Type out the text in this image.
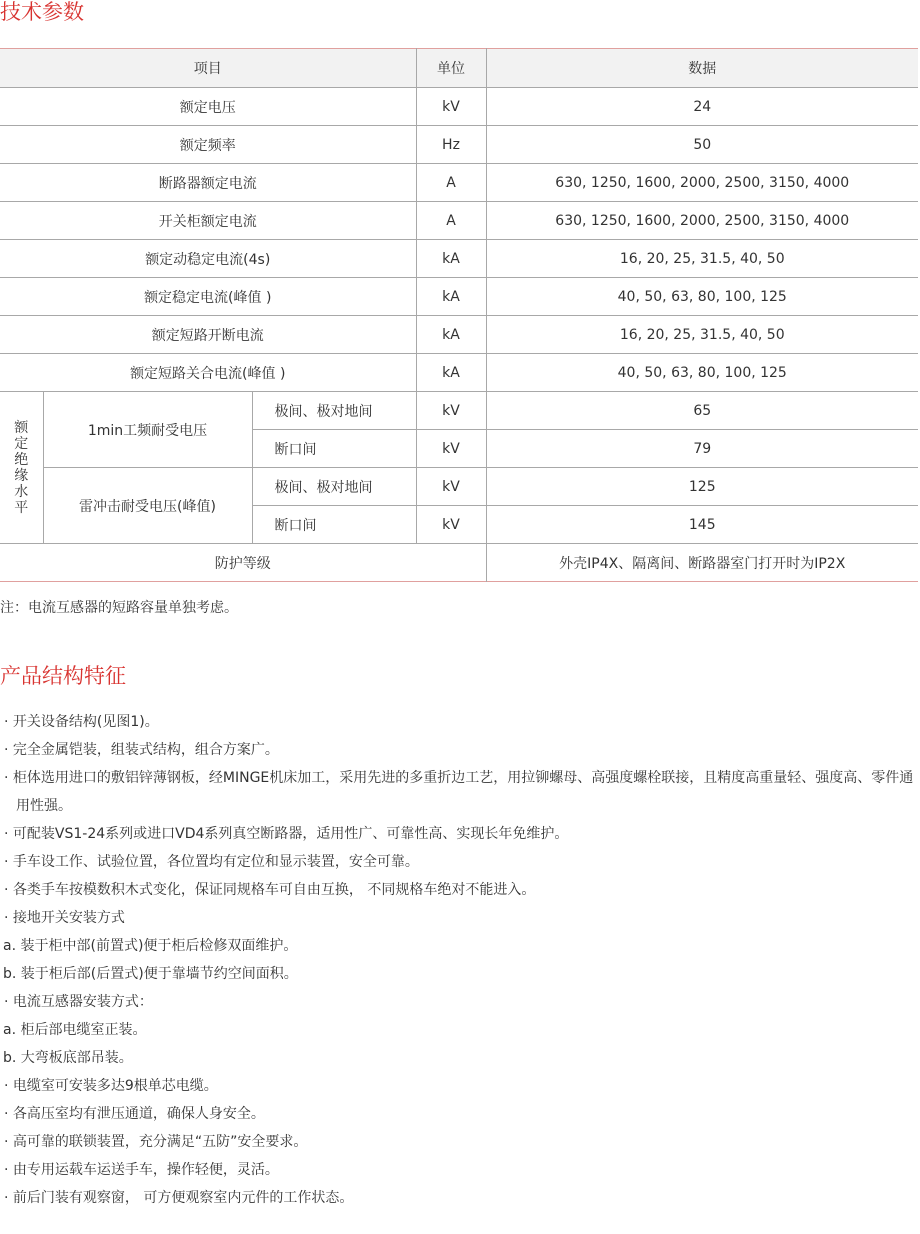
技术参数
项目			单位	数据
额定电压			kV	24
额定频率			Hz	50
断路器额定电流			A	630, 1250, 1600, 2000, 2500, 3150, 4000
开关柜额定电流			A	630, 1250, 1600, 2000, 2500, 3150, 4000
额定动稳定电流(4s)			kA	16, 20, 25, 31.5, 40, 50
额定稳定电流(峰值 )			kA	40, 50, 63, 80, 100, 125
额定短路开断电流			kA	16, 20, 25, 31.5, 40, 50
额定短路关合电流(峰值 )			kA	40, 50, 63, 80, 100, 125
额定绝缘水平	1min工频耐受电压	极间、极对地间	kV	65
		断口间	kV	79
	雷冲击耐受电压(峰值)	极间、极对地间	kV	125
		断口间	kV	145
防护等级				外壳IP4X、隔离间、断路器室门打开时为IP2X

注：电流互感器的短路容量单独考虑。

产品结构特征
· 开关设备结构(见图1)。
· 完全金属铠装，组装式结构，组合方案广。
· 柜体选用进口的敷铝锌薄钢板，经MINGE机床加工，采用先进的多重折边工艺，用拉铆螺母、高强度螺栓联接，且精度高重量轻、强度高、零件通用性强。
· 可配装VS1-24系列或进口VD4系列真空断路器，适用性广、可靠性高、实现长年免维护。
· 手车设工作、试验位置，各位置均有定位和显示装置，安全可靠。
· 各类手车按模数积木式变化，保证同规格车可自由互换， 不同规格车绝对不能进入。
· 接地开关安装方式
a. 装于柜中部(前置式)便于柜后检修双面维护。
b. 装于柜后部(后置式)便于靠墙节约空间面积。
· 电流互感器安装方式：
a. 柜后部电缆室正装。
b. 大弯板底部吊装。
· 电缆室可安装多达9根单芯电缆。
· 各高压室均有泄压通道，确保人身安全。
· 高可靠的联锁装置，充分满足“五防”安全要求。
· 由专用运载车运送手车，操作轻便，灵活。
· 前后门装有观察窗， 可方便观察室内元件的工作状态。
